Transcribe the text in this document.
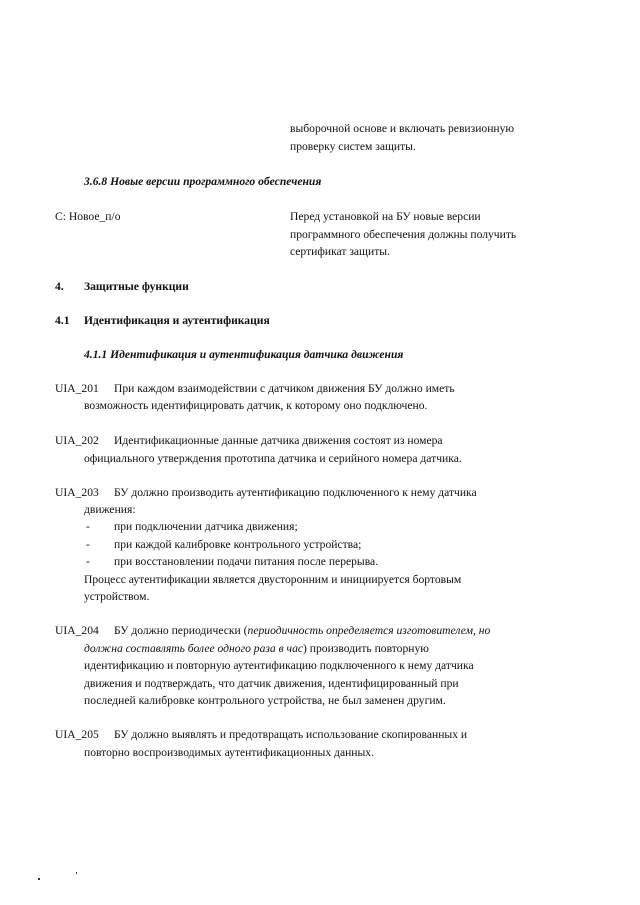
выборочной основе и включать ревизионную
проверку систем защиты.
3.6.8 Новые версии программного обеспечения
С: Новое_п/о	Перед установкой на БУ новые версии
программного обеспечения должны получить
сертификат защиты.
4. Защитные функции
4.1 Идентификация и аутентификация
4.1.1 Идентификация и аутентификация датчика движения
UIA_201 При каждом взаимодействии с датчиком движения БУ должно иметь
возможность идентифицировать датчик, к которому оно подключено.
UIA_202 Идентификационные данные датчика движения состоят из номера
официального утверждения прототипа датчика и серийного номера датчика.
UIA_203 БУ должно производить аутентификацию подключенного к нему датчика
движения:
- при подключении датчика движения;
- при каждой калибровке контрольного устройства;
- при восстановлении подачи питания после перерыва.
Процесс аутентификации является двусторонним и инициируется бортовым
устройством.
UIA_204 БУ должно периодически (периодичность определяется изготовителем, но
должна составлять более одного раза в час) производить повторную
идентификацию и повторную аутентификацию подключенного к нему датчика
движения и подтверждать, что датчик движения, идентифицированный при
последней калибровке контрольного устройства, не был заменен другим.
UIA_205 БУ должно выявлять и предотвращать использование скопированных и
повторно воспроизводимых аутентификационных данных.
